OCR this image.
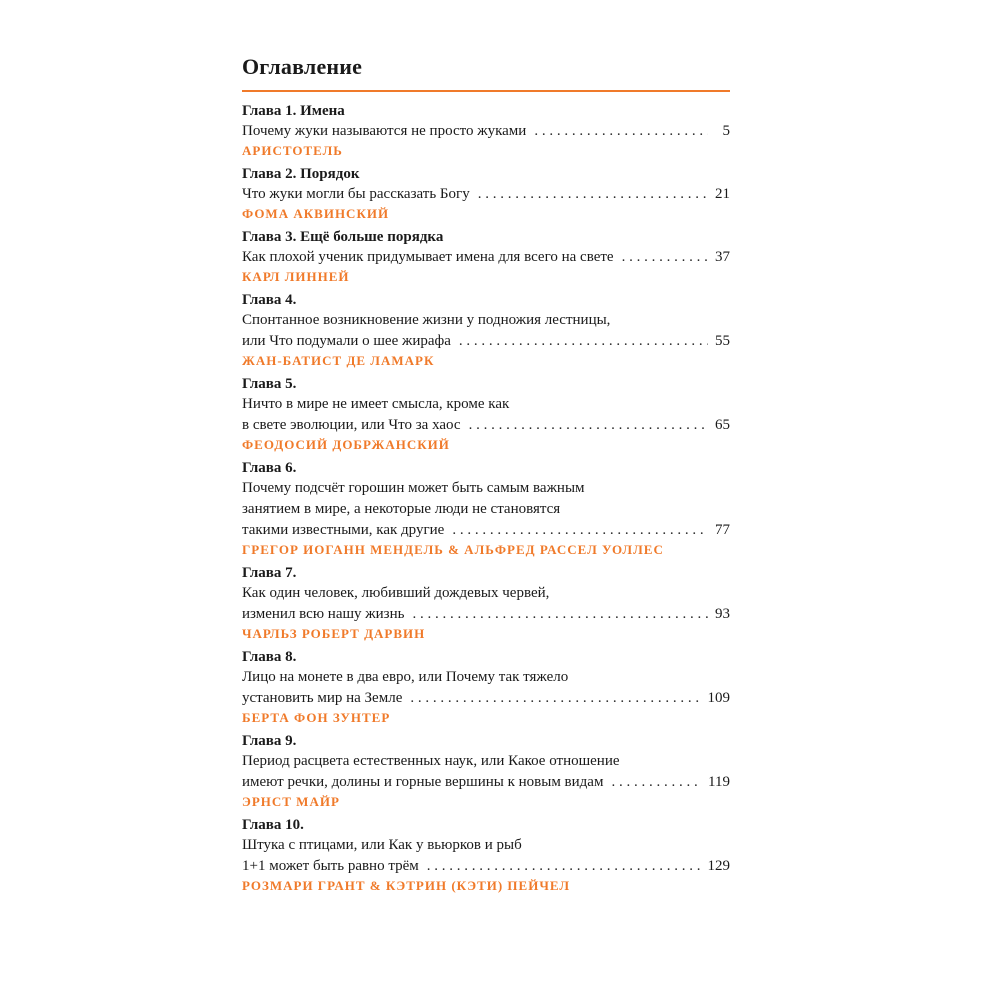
Оглавление
Глава 1. Имена
Почему жуки называются не просто жуками . . .	5
АРИСТОТЕЛЬ
Глава 2. Порядок
Что жуки могли бы рассказать Богу . . .	21
ФОМА АКВИНСКИЙ
Глава 3. Ещё больше порядка
Как плохой ученик придумывает имена для всего на свете . . .	37
КАРЛ ЛИННЕЙ
Глава 4.
Спонтанное возникновение жизни у подножия лестницы,
или Что подумали о шее жирафа . . .	55
ЖАН-БАТИСТ ДЕ ЛАМАРК
Глава 5.
Ничто в мире не имеет смысла, кроме как
в свете эволюции, или Что за хаос . . .	65
ФЕОДОСИЙ ДОБРЖАНСКИЙ
Глава 6.
Почему подсчёт горошин может быть самым важным
занятием в мире, а некоторые люди не становятся
такими известными, как другие . . .	77
ГРЕГОР ИОГАНН МЕНДЕЛЬ & АЛЬФРЕД РАССЕЛ УОЛЛЕС
Глава 7.
Как один человек, любивший дождевых червей,
изменил всю нашу жизнь . . .	93
ЧАРЛЬЗ РОБЕРТ ДАРВИН
Глава 8.
Лицо на монете в два евро, или Почему так тяжело
установить мир на Земле . . .	109
БЕРТА ФОН ЗУНТЕР
Глава 9.
Период расцвета естественных наук, или Какое отношение
имеют речки, долины и горные вершины к новым видам . . .	119
ЭРНСТ МАЙР
Глава 10.
Штука с птицами, или Как у вьюрков и рыб
1+1 может быть равно трём . . .	129
РОЗМАРИ ГРАНТ & КЭТРИН (КЭТИ) ПЕЙЧЕЛ
